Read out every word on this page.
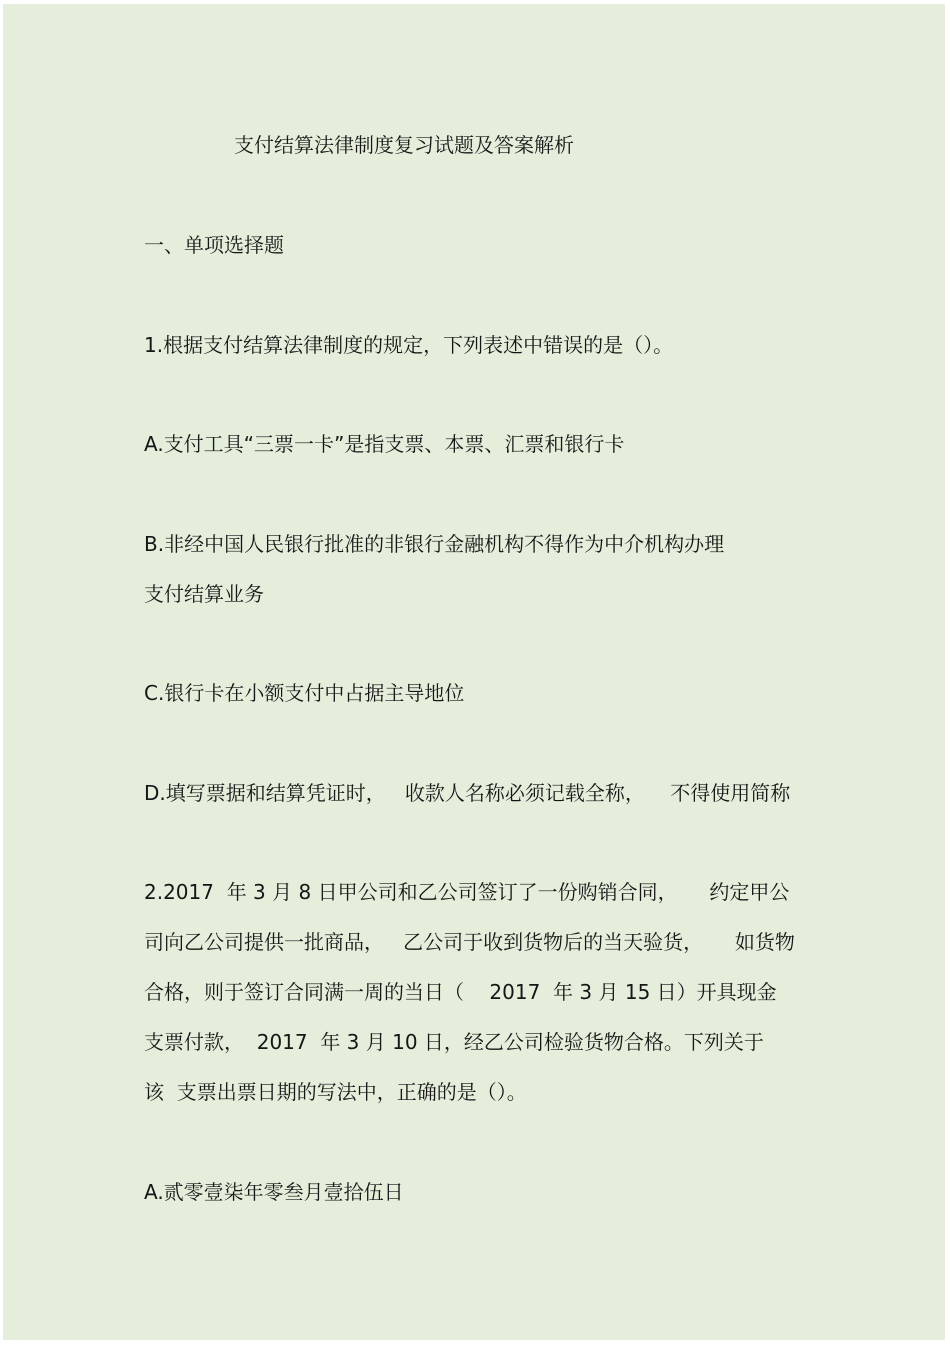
支付结算法律制度复习试题及答案解析
一、单项选择题
1.根据支付结算法律制度的规定，下列表述中错误的是（）。
A.支付工具“三票一卡”是指支票、本票、汇票和银行卡
B.非经中国人民银行批准的非银行金融机构不得作为中介机构办理
支付结算业务
C.银行卡在小额支付中占据主导地位
D.填写票据和结算凭证时，   收款人名称必须记载全称，    不得使用简称
2.2017  年 3 月 8 日甲公司和乙公司签订了一份购销合同，     约定甲公
司向乙公司提供一批商品，   乙公司于收到货物后的当天验货，     如货物
合格，则于签订合同满一周的当日（    2017  年 3 月 15 日）开具现金
支票付款，  2017  年 3 月 10 日，经乙公司检验货物合格。下列关于
该  支票出票日期的写法中，正确的是（）。
A.贰零壹柒年零叁月壹拾伍日
